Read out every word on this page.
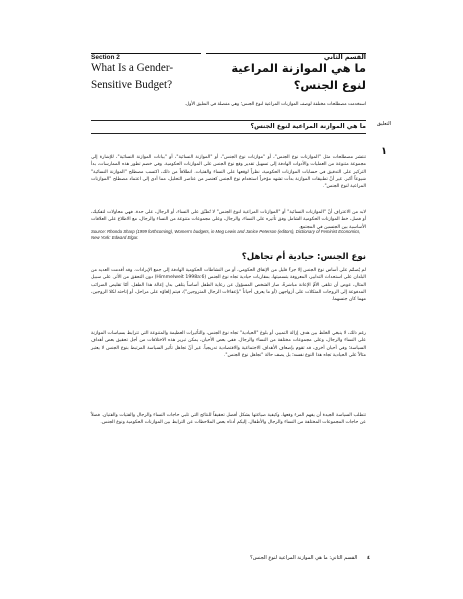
Section 2	القسم الثاني
What Is a Gender-Sensitive Budget?
ما هي الموازنة المراعية لنوع الجنس؟
استخدمت مصطلحات مختلفة لوصف الموازنات المراعية لنوع الجنس؛ وهي مفصلة في التعليق الأول.
ما هي الموازنة المراعية لنوع الجنس؟	التعليق
١
تنتشر مصطلحات مثل "الموازنات نوع الجنس"، أو "موازنات نوع الجنس"، أو "الموازنة النسائية"، أو "بيانات الموازنة النسائية"، للإشارة إلى مجموعة متنوعة من العمليات والأدوات الهادفة إلى تسهيل تقدير وقع نوع الجنس على الموازنات الحكومية. وفي خضم تطور هذه الممارسات، بدأ التركيز على التدقيق في حسابات الموازنات الحكومية، نظراً لوقعها على النساء والفتيات. انطلاقاً من ذلك، اكتسب مصطلح "الموازنة النسائية" شيوعاً أكبر. غير أنّ تطبيقات الموازنة بدأت تشهد مؤخراً استخدام نوع الجنس كعنصر من عناصر التحليل، مما أدى إلى اعتماد مصطلح "الموازنات المراعية لنوع الجنس".
لابد من الاعتراف أنّ "الموازنات النسائية" أو "الموازنات المراعية لنوع الجنس" لا تُطبّق على النساء، أو الرجال، على حدة. فهي محاولات لتفكيك، أو فصل، خط الموازنات الحكومية الشامل وفق تأثيره على النساء، والرجال، وعلى مجموعات متنوعة من النساء والرجال، مع الاطلاع على العلاقات الأساسية بين الجنسين في المجتمع.
Source: Rhonda Sharp (1999 forthcoming), Women's budgets, in Meg Lewis and Janice Peterson (editors), Dictionary of Feminist Economics, New York: Edward Elgar.
نوع الجنس: حيادية أم تجاهل؟
لم يُصمَّم على أساس نوع الجنس إلا جزءٌ قليل من الإنفاق الحكومي، أو من النشاطات الحكومية الهادفة إلى جمع الإيرادات. وقد أقدمت العديد من البلدان على استحداث التدابير، المعروفة بتسميتها، بمقاربات حيادية تجاه نوع الجنس (Himmelweit 1998a:6) دون التحقق من الأثر. على سبيل المثال، عوض أن تتلقى الأمّ الإعانة مباشرةً، صار الشخص المسؤول عن رعاية الطفل أساساً يتلقى بدل إعالة هذا الطفل. أمّا تقليص الضرائب المدفوعة إلى الزوجات المتكلات على أزواجهن (أو ما يعرف أحياناً "بإعفاءات الرجال المتزوجين")، فيتم إلغاؤه على مراحل، أو إتاحته لكلا الزوجين، مهما كان جنسهما.
رغم ذلك، لا ينبغي الخلط بين هدف إزالة التمييز، أو بلوغ "الحيادية" تجاه نوع الجنس، والتأثيرات العظيمة والمتنوعة التي تترابط بسياسات الموازنة على النساء والرجال، وعلى مجموعات مختلفة من النساء والرجال. ففي بعض الأحيان، يمكن تبرير هذه الاختلافات من أجل تحقيق بعض أهداف السياسة؛ وفي أحيان أخرى، قد تقوم بإضعاف الأهداف الاجتماعية والاقتصادية تدريجياً. غير أنّ تجاهل تأثير السياسة المرتبط بنوع الجنس لا يعتبر مثالاً على الحيادية تجاه هذا النوع نفسه؛ بل يصف حالة "تجاهل نوع الجنس".
تتطلب السياسة الجيدة أن يفهم المرء وقعها، وكيفية صياغتها بشكل أفضل تحقيقاً للنتائج التي تلبي حاجات النساء والرجال والفتيات والفتيان. فضلاً عن حاجات المجموعات المختلفة من النساء والرجال والأطفال. إليكم أدناه بعض الملاحظات عن الترابط بين الموازنات الحكومية ونوع الجنس.
٤ القسم الثاني: ما هي الموازنة المراعية لنوع الجنس؟
